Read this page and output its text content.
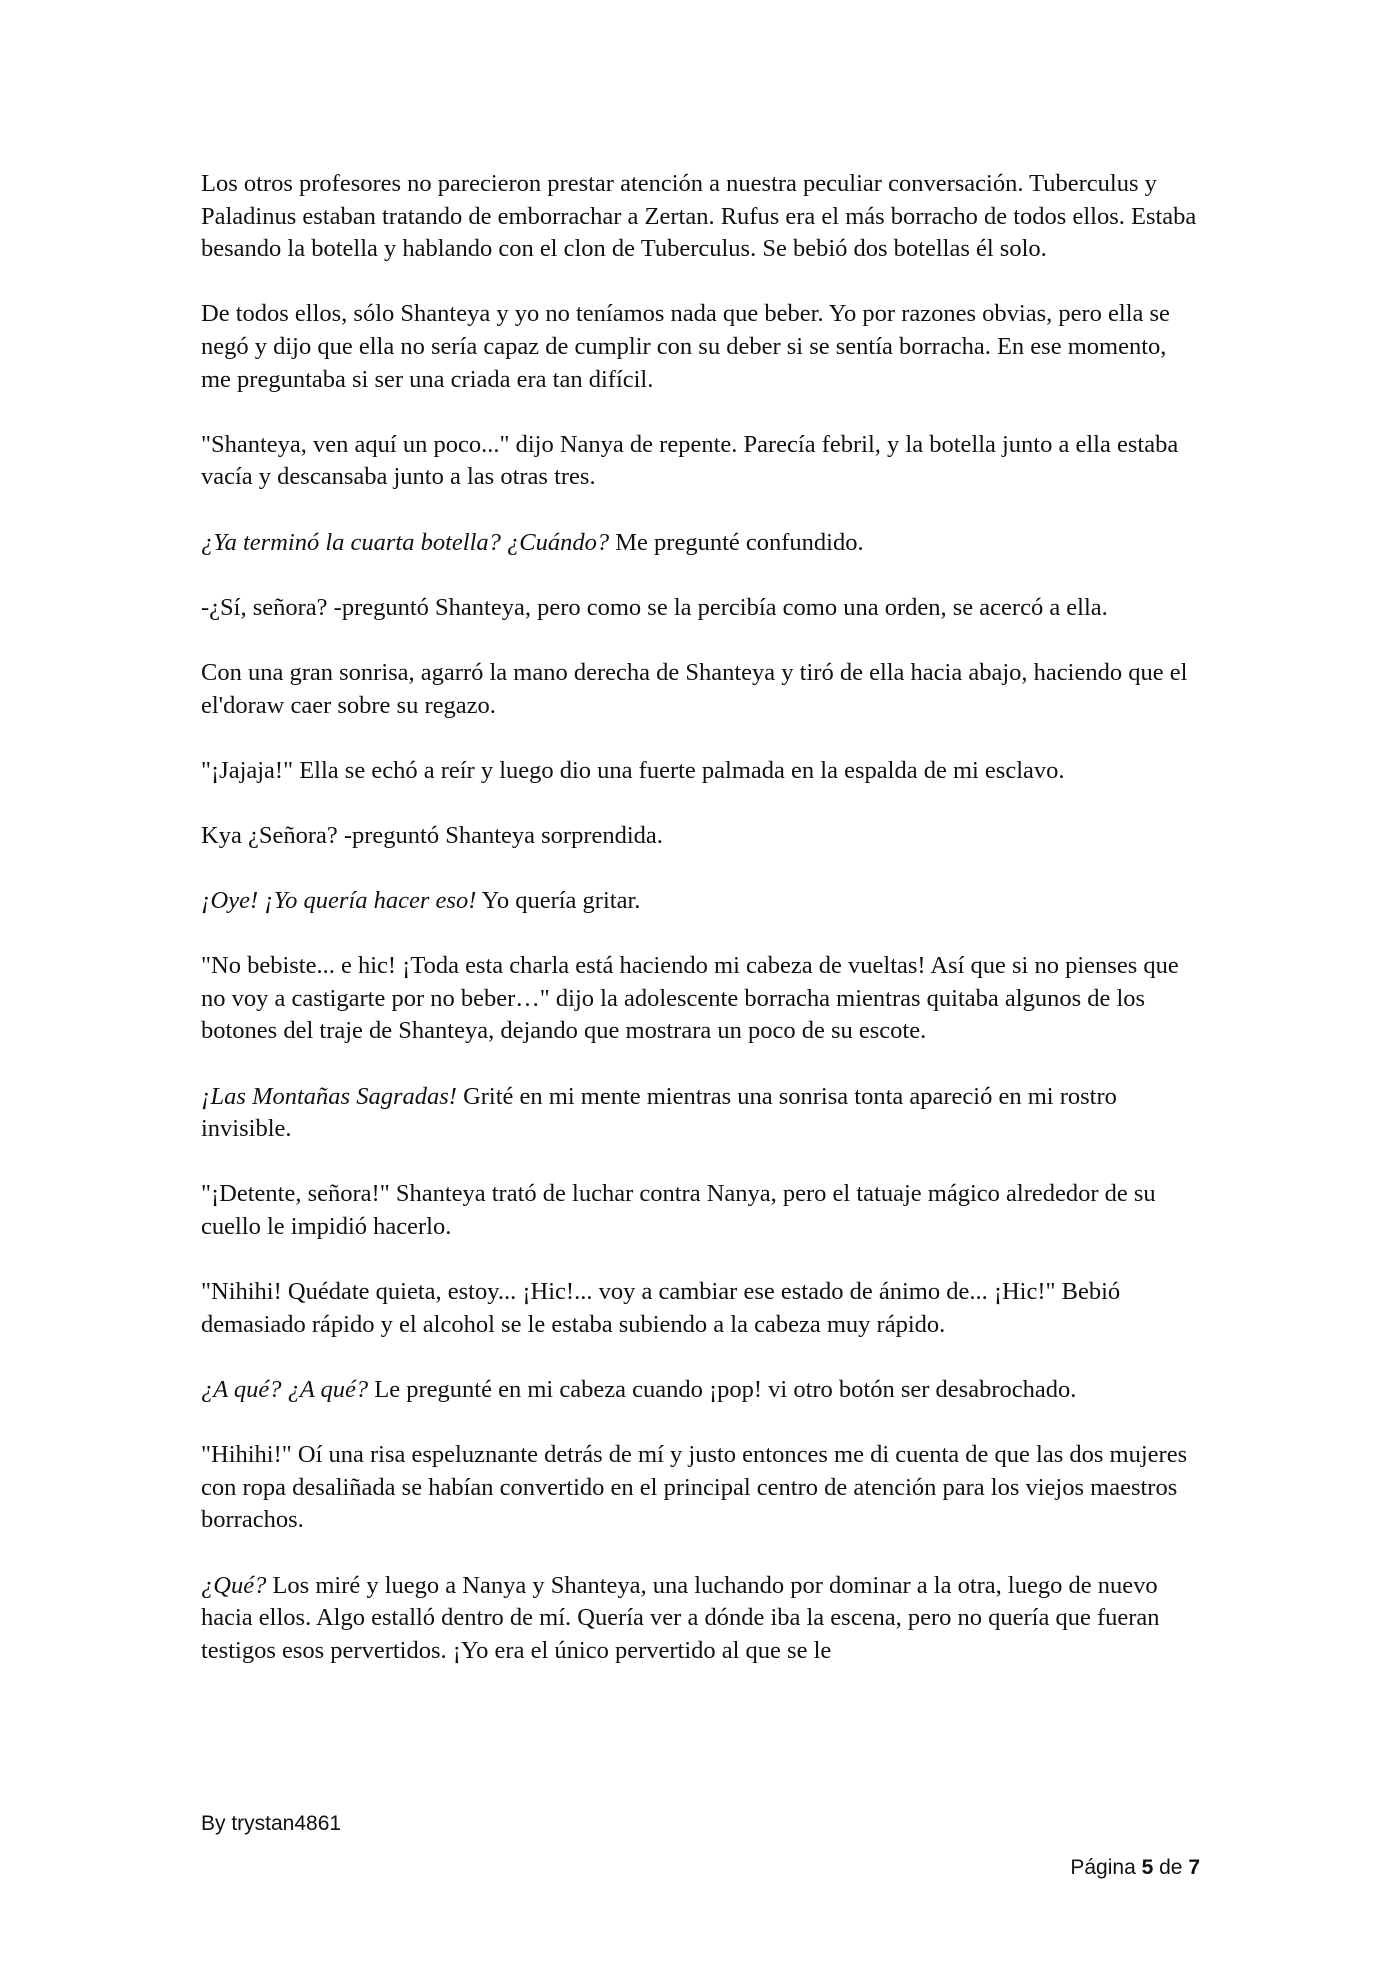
Los otros profesores no parecieron prestar atención a nuestra peculiar conversación. Tuberculus y Paladinus estaban tratando de emborrachar a Zertan. Rufus era el más borracho de todos ellos. Estaba besando la botella y hablando con el clon de Tuberculus. Se bebió dos botellas él solo.

De todos ellos, sólo Shanteya y yo no teníamos nada que beber. Yo por razones obvias, pero ella se negó y dijo que ella no sería capaz de cumplir con su deber si se sentía borracha. En ese momento, me preguntaba si ser una criada era tan difícil.

"Shanteya, ven aquí un poco..." dijo Nanya de repente. Parecía febril, y la botella junto a ella estaba vacía y descansaba junto a las otras tres.

¿Ya terminó la cuarta botella? ¿Cuándo? Me pregunté confundido.

-¿Sí, señora? -preguntó Shanteya, pero como se la percibía como una orden, se acercó a ella.

Con una gran sonrisa, agarró la mano derecha de Shanteya y tiró de ella hacia abajo, haciendo que el el'doraw caer sobre su regazo.

"¡Jajaja!" Ella se echó a reír y luego dio una fuerte palmada en la espalda de mi esclavo.

Kya ¿Señora? -preguntó Shanteya sorprendida.

¡Oye! ¡Yo quería hacer eso! Yo quería gritar.

"No bebiste... e hic! ¡Toda esta charla está haciendo mi cabeza de vueltas! Así que si no pienses que no voy a castigarte por no beber…" dijo la adolescente borracha mientras quitaba algunos de los botones del traje de Shanteya, dejando que mostrara un poco de su escote.

¡Las Montañas Sagradas! Grité en mi mente mientras una sonrisa tonta apareció en mi rostro invisible.

"¡Detente, señora!" Shanteya trató de luchar contra Nanya, pero el tatuaje mágico alrededor de su cuello le impidió hacerlo.

"Nihihi! Quédate quieta, estoy... ¡Hic!... voy a cambiar ese estado de ánimo de... ¡Hic!" Bebió demasiado rápido y el alcohol se le estaba subiendo a la cabeza muy rápido.

¿A qué? ¿A qué? Le pregunté en mi cabeza cuando ¡pop! vi otro botón ser desabrochado.

"Hihihi!" Oí una risa espeluznante detrás de mí y justo entonces me di cuenta de que las dos mujeres con ropa desaliñada se habían convertido en el principal centro de atención para los viejos maestros borrachos.

¿Qué? Los miré y luego a Nanya y Shanteya, una luchando por dominar a la otra, luego de nuevo hacia ellos. Algo estalló dentro de mí. Quería ver a dónde iba la escena, pero no quería que fueran testigos esos pervertidos. ¡Yo era el único pervertido al que se le

By trystan4861
Página 5 de 7
